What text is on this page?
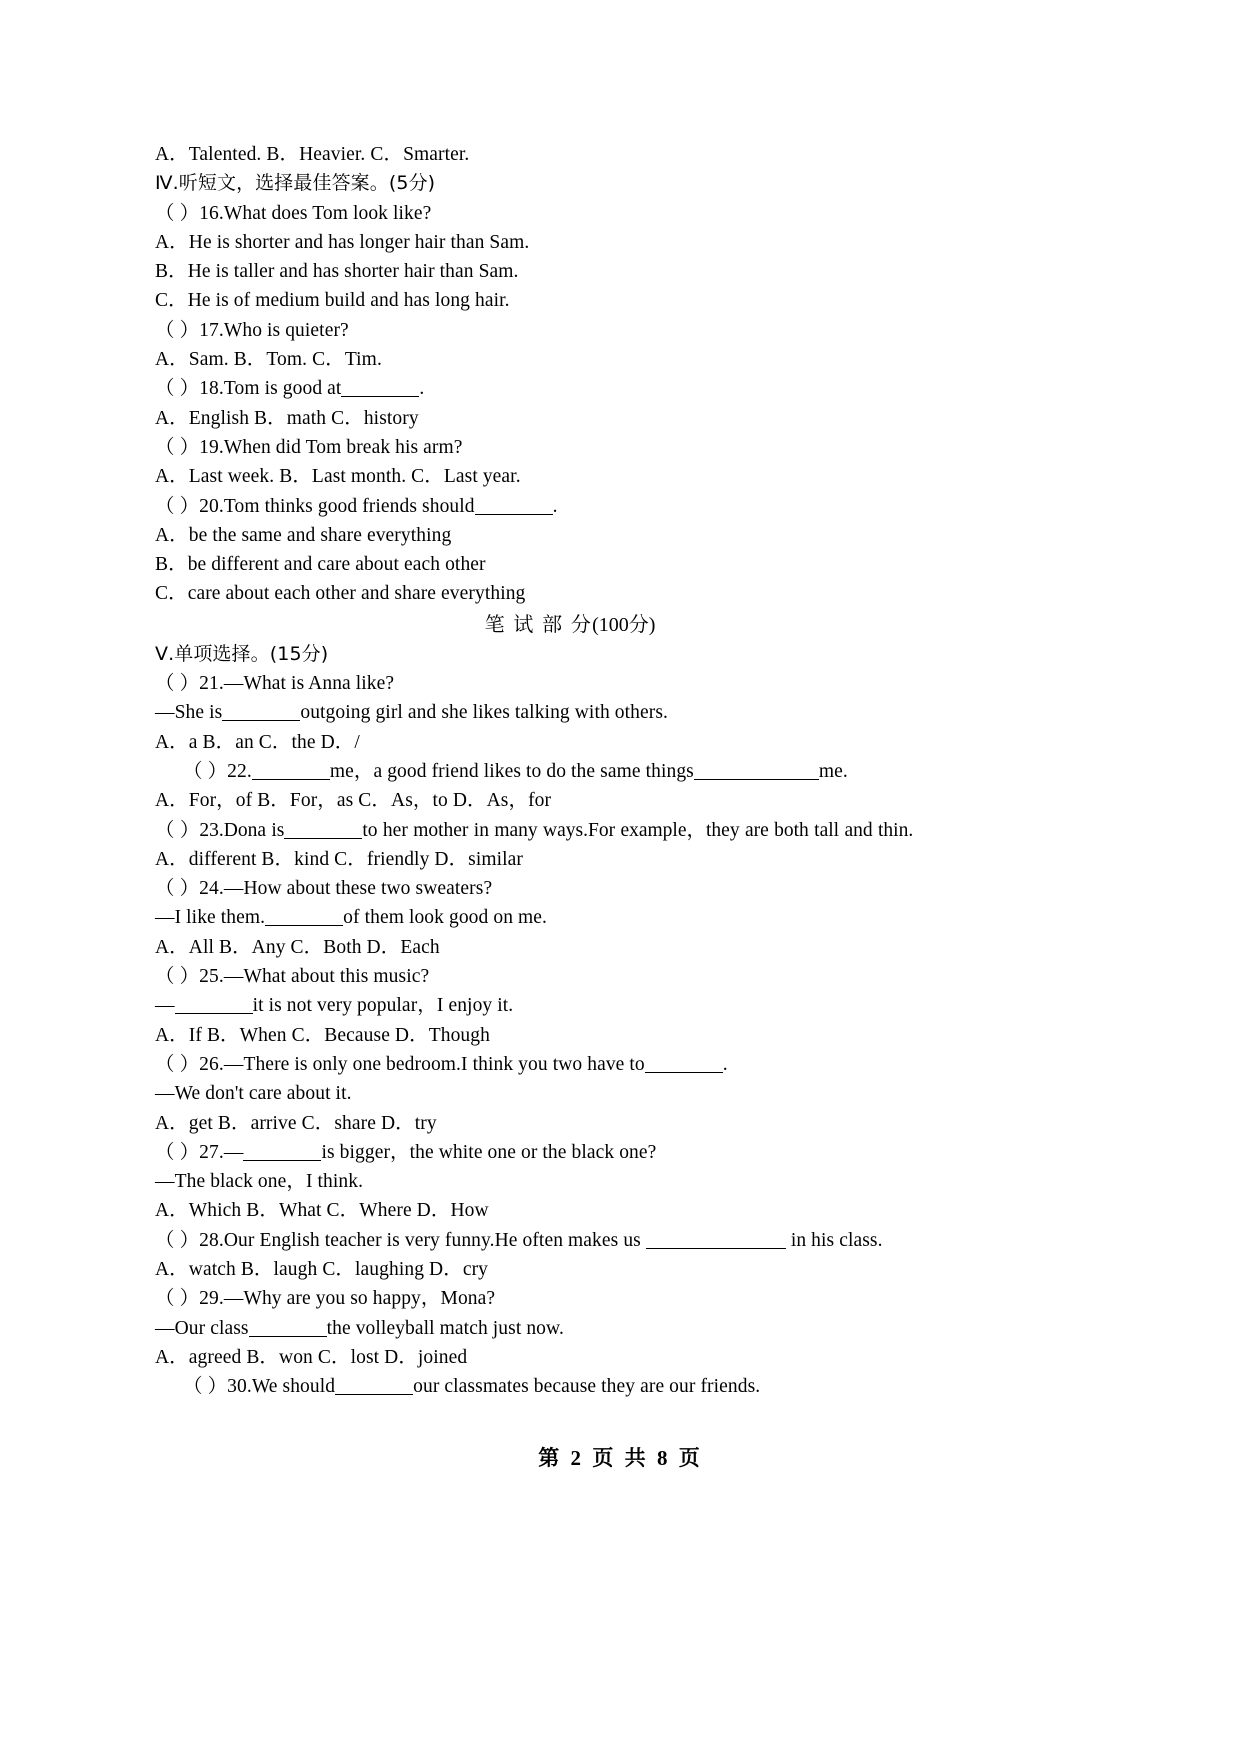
A．Talented. B．Heavier. C．Smarter.
Ⅳ.听短文，选择最佳答案。(5分)
（ ）16.What does Tom look like?
A．He is shorter and has longer hair than Sam.
B．He is taller and has shorter hair than Sam.
C．He is of medium build and has long hair.
（ ）17.Who is quieter?
A．Sam. B．Tom. C．Tim.
（ ）18.Tom is good at	.
A．English B．math C．history
（ ）19.When did Tom break his arm?
A．Last week. B．Last month. C．Last year.
（ ）20.Tom thinks good friends should	.
A．be the same and share everything
B．be different and care about each other
C．care about each other and share everything
笔 试 部 分(100分)
Ⅴ.单项选择。(15分)
（ ）21.—What is Anna like?
—She is	outgoing girl and she likes talking with others.
A．a B．an C．the D．/
（ ）22.	me，a good friend likes to do the same things	me.
A．For，of B．For，as C．As，to D．As，for
（ ）23.Dona is	to her mother in many ways.For example，they are both tall and thin.
A．different B．kind C．friendly D．similar
（ ）24.—How about these two sweaters?
—I like them.	of them look good on me.
A．All B．Any C．Both D．Each
（ ）25.—What about this music?
—	it is not very popular，I enjoy it.
A．If B．When C．Because D．Though
（ ）26.—There is only one bedroom.I think you two have to	.
—We don't care about it.
A．get B．arrive C．share D．try
（ ）27.—	is bigger，the white one or the black one?
—The black one，I think.
A．Which B．What C．Where D．How
（ ）28.Our English teacher is very funny.He often makes us	in his class.
A．watch B．laugh C．laughing D．cry
（ ）29.—Why are you so happy，Mona?
—Our class	the volleyball match just now.
A．agreed B．won C．lost D．joined
（ ）30.We should	our classmates because they are our friends.
第 2 页 共 8 页
